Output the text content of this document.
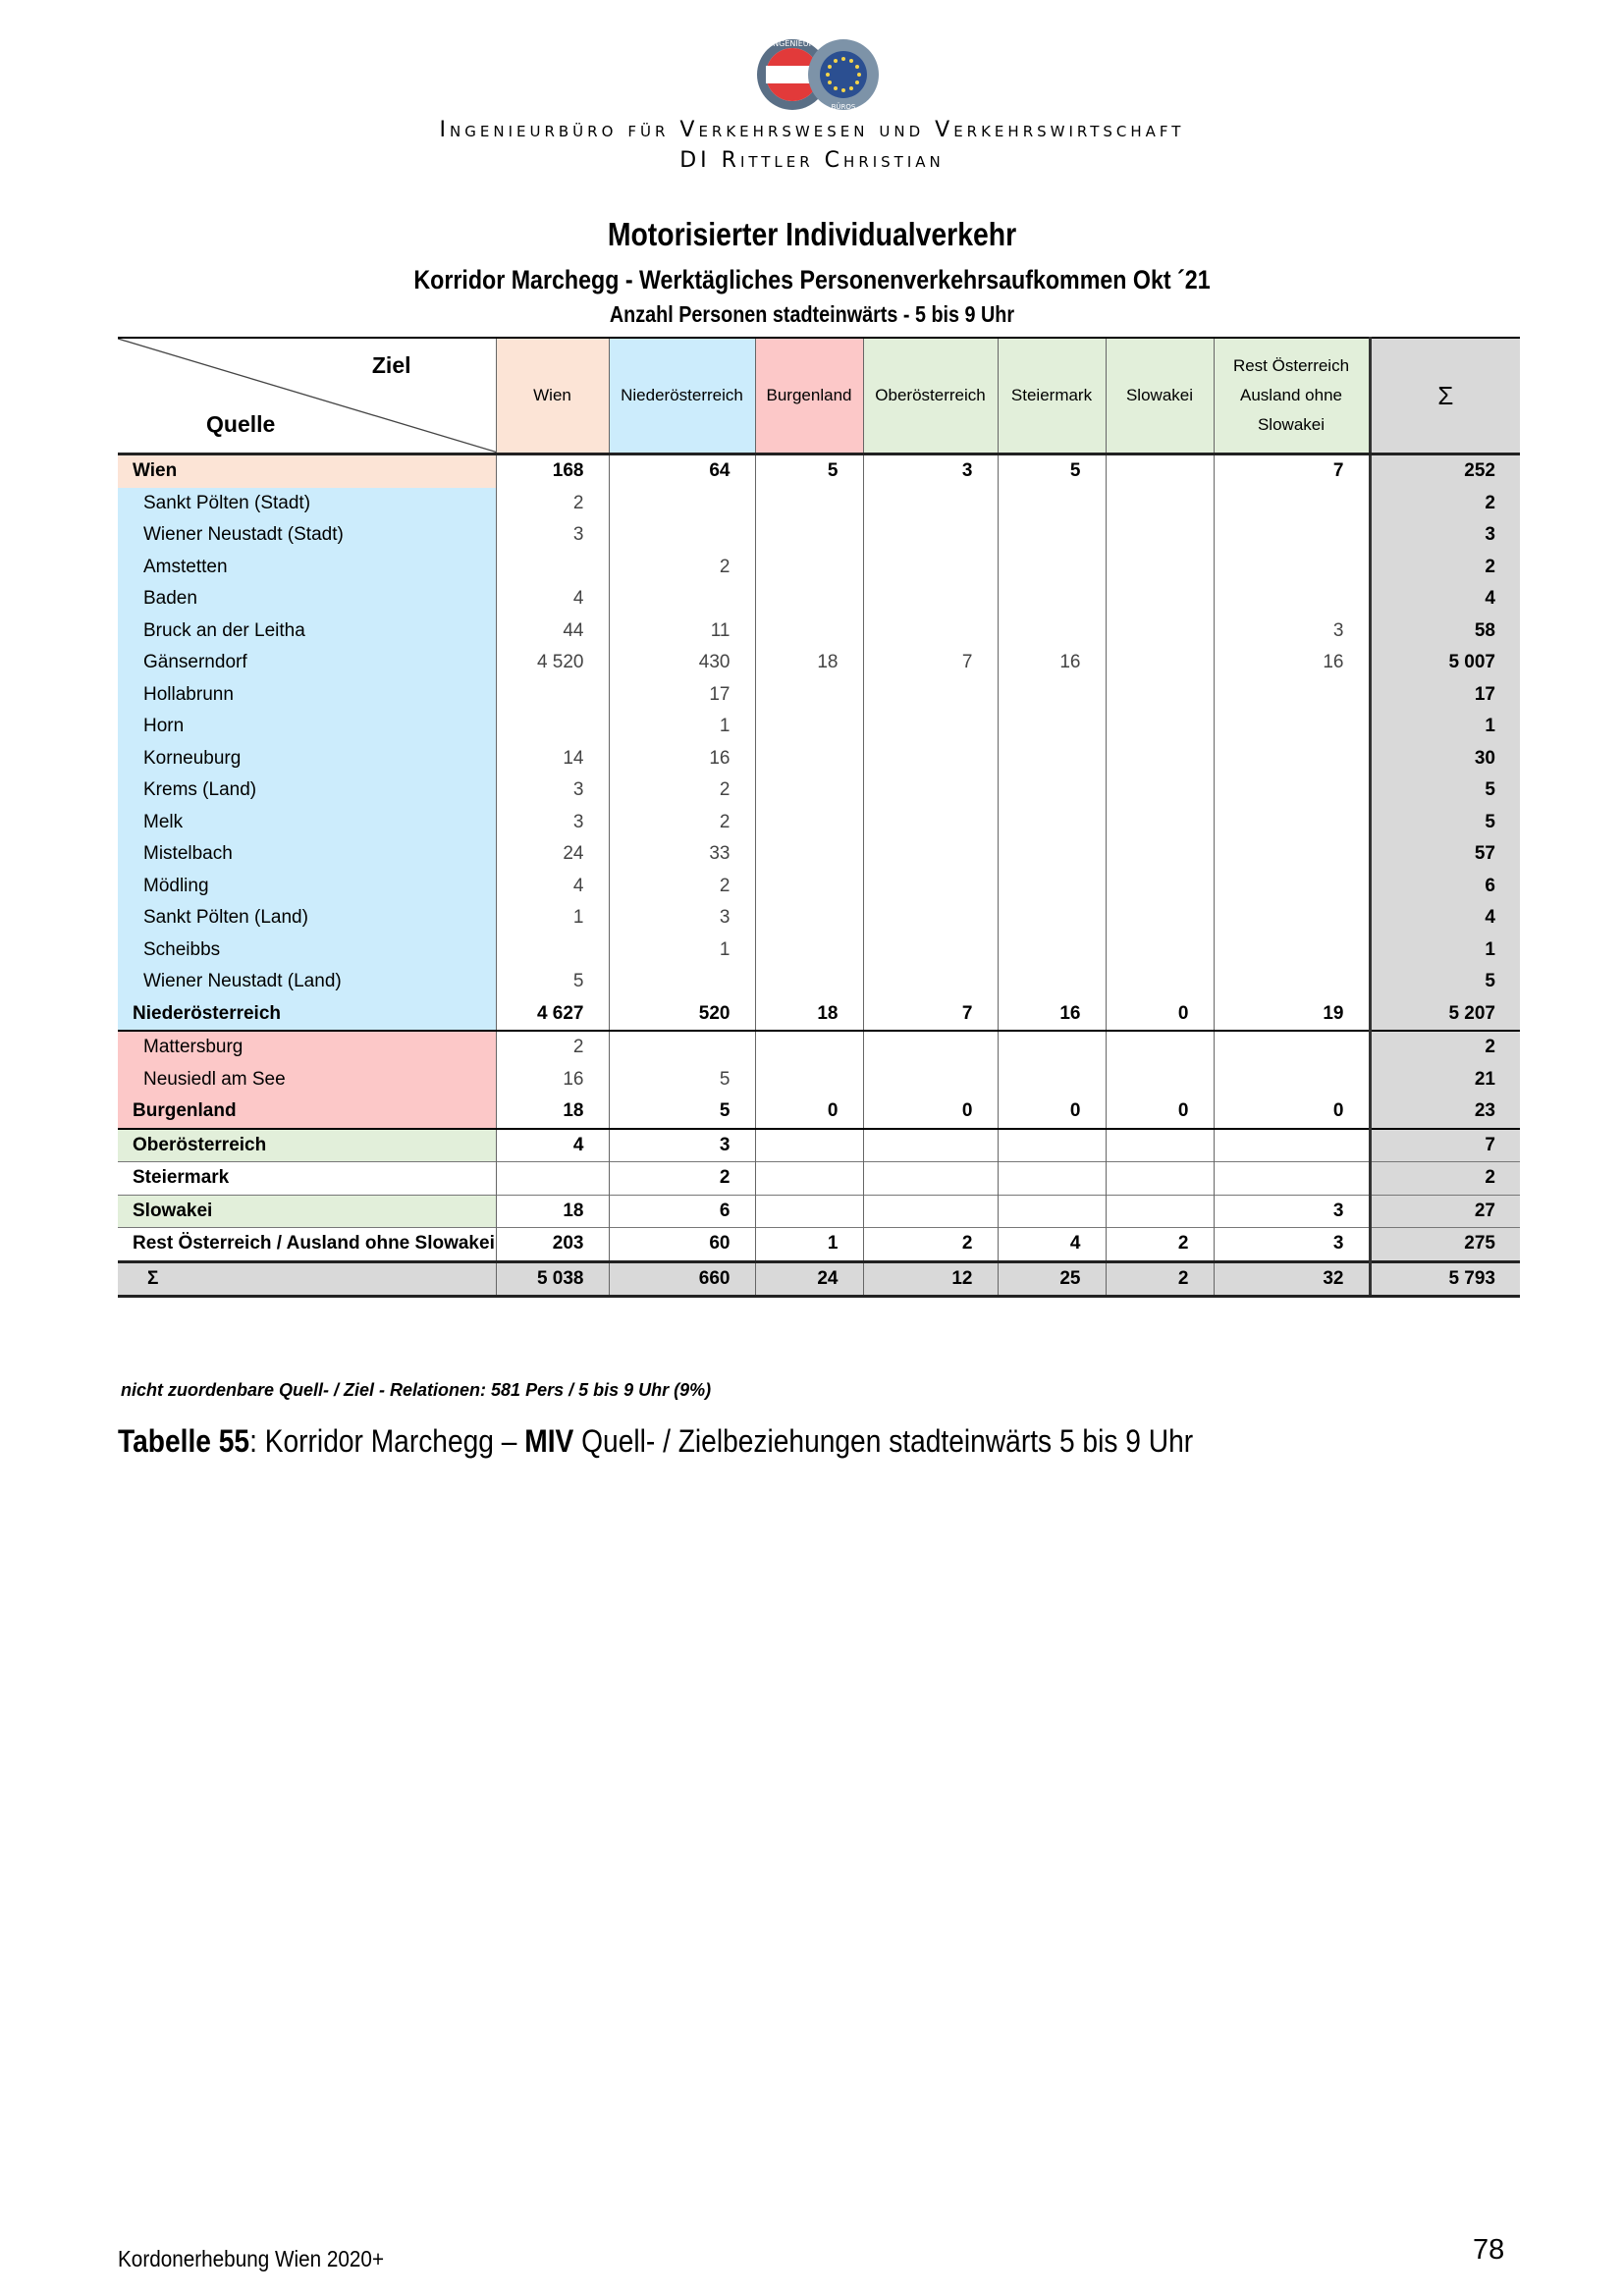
INGENIEUR
BÜROS
Ingenieurbüro für Verkehrswesen und Verkehrswirtschaft
DI Rittler Christian
Motorisierter Individualverkehr
Korridor Marchegg - Werktägliches Personenverkehrsaufkommen Okt ´21
Anzahl Personen stadteinwärts - 5 bis 9 Uhr
Ziel
Quelle	Wien	Niederösterreich	Burgenland	Oberösterreich	Steiermark	Slowakei	Rest Österreich Ausland ohne Slowakei	Σ
Wien	168	64	5	3	5		7	252
Sankt Pölten (Stadt)	2							2
Wiener Neustadt (Stadt)	3							3
Amstetten		2						2
Baden	4							4
Bruck an der Leitha	44	11					3	58
Gänserndorf	4 520	430	18	7	16		16	5 007
Hollabrunn		17						17
Horn		1						1
Korneuburg	14	16						30
Krems (Land)	3	2						5
Melk	3	2						5
Mistelbach	24	33						57
Mödling	4	2						6
Sankt Pölten (Land)	1	3						4
Scheibbs		1						1
Wiener Neustadt (Land)	5							5
Niederösterreich	4 627	520	18	7	16	0	19	5 207
Mattersburg	2							2
Neusiedl am See	16	5						21
Burgenland	18	5	0	0	0	0	0	23
Oberösterreich	4	3						7
Steiermark		2						2
Slowakei	18	6					3	27
Rest Österreich / Ausland ohne Slowakei	203	60	1	2	4	2	3	275
Σ	5 038	660	24	12	25	2	32	5 793
nicht zuordenbare Quell- / Ziel - Relationen: 581 Pers / 5 bis 9 Uhr (9%)
Tabelle 55: Korridor Marchegg – MIV Quell- / Zielbeziehungen stadteinwärts 5 bis 9 Uhr
Kordonerhebung Wien 2020+	78
